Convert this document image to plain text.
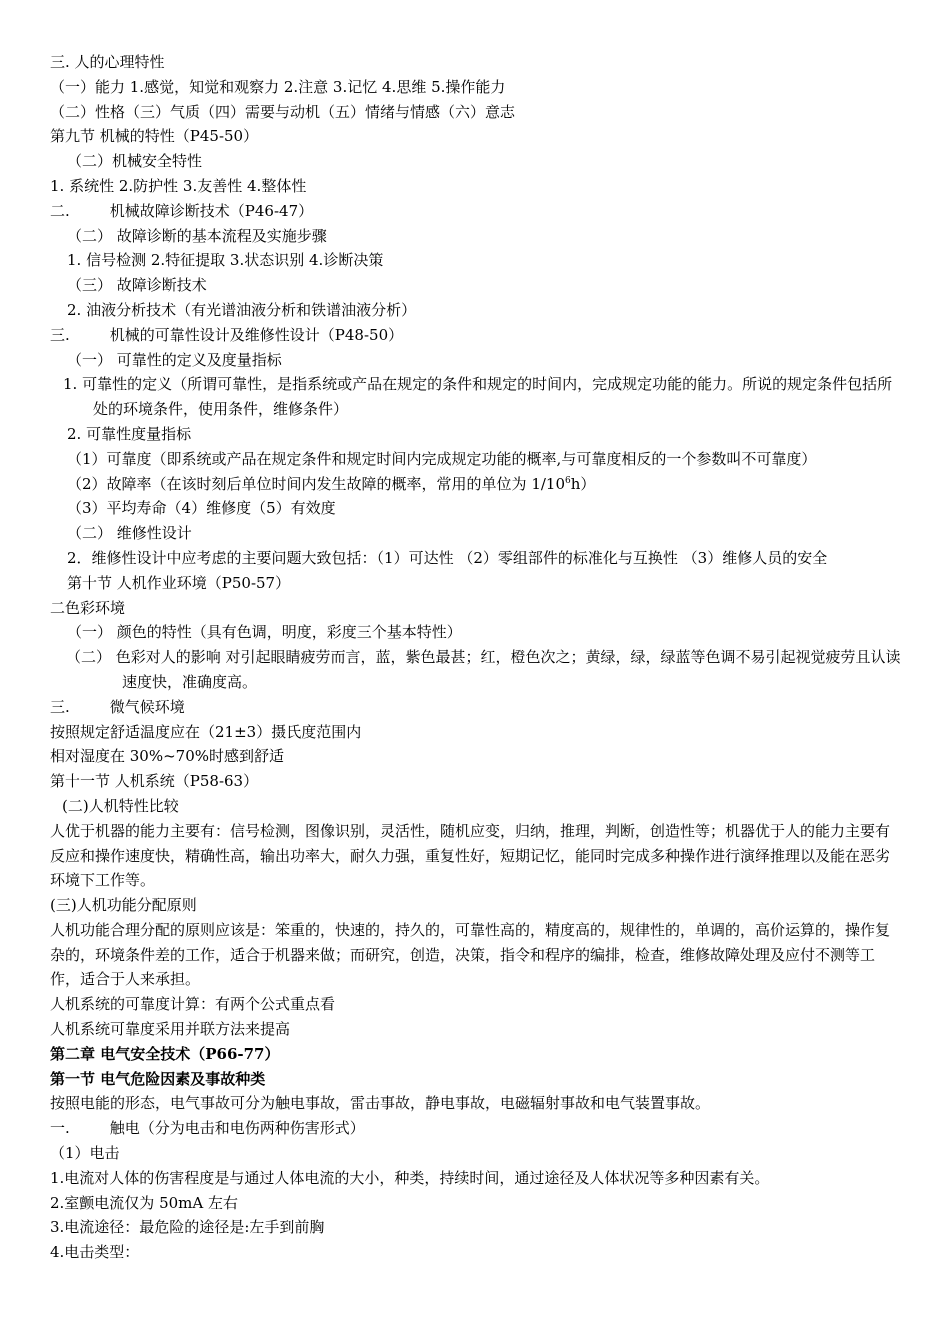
三. 人的心理特性
（一）能力 1.感觉，知觉和观察力 2.注意 3.记忆 4.思维 5.操作能力
（二）性格（三）气质（四）需要与动机（五）情绪与情感（六）意志
第九节 机械的特性（P45-50）
（二）机械安全特性
1. 系统性 2.防护性 3.友善性 4.整体性
二.	机械故障诊断技术（P46-47）
（二） 故障诊断的基本流程及实施步骤
1. 信号检测 2.特征提取 3.状态识别 4.诊断决策
（三） 故障诊断技术
2. 油液分析技术（有光谱油液分析和铁谱油液分析）
三.	机械的可靠性设计及维修性设计（P48-50）
（一） 可靠性的定义及度量指标
1. 可靠性的定义（所谓可靠性，是指系统或产品在规定的条件和规定的时间内，完成规定功能的能力。所说的规定条件包括所处的环境条件，使用条件，维修条件）
2. 可靠性度量指标
（1）可靠度（即系统或产品在规定条件和规定时间内完成规定功能的概率,与可靠度相反的一个参数叫不可靠度）
（2）故障率（在该时刻后单位时间内发生故障的概率，常用的单位为 $1/10^6h$）
（3）平均寿命（4）维修度（5）有效度
（二） 维修性设计
2．维修性设计中应考虑的主要问题大致包括：（1）可达性 （2）零组部件的标准化与互换性 （3）维修人员的安全
第十节 人机作业环境（P50-57）
二色彩环境
（一） 颜色的特性（具有色调，明度，彩度三个基本特性）
（二） 色彩对人的影响 对引起眼睛疲劳而言，蓝，紫色最甚；红，橙色次之；黄绿，绿，绿蓝等色调不易引起视觉疲劳且认读速度快，准确度高。
三.	微气候环境
按照规定舒适温度应在（21±3）摄氏度范围内
相对湿度在 30%~70%时感到舒适
第十一节 人机系统（P58-63）
(二)人机特性比较
人优于机器的能力主要有：信号检测，图像识别，灵活性，随机应变，归纳，推理，判断，创造性等；机器优于人的能力主要有反应和操作速度快，精确性高，输出功率大，耐久力强，重复性好，短期记忆，能同时完成多种操作进行演绎推理以及能在恶劣环境下工作等。
(三)人机功能分配原则
人机功能合理分配的原则应该是：笨重的，快速的，持久的，可靠性高的，精度高的，规律性的，单调的，高价运算的，操作复杂的，环境条件差的工作，适合于机器来做；而研究，创造，决策，指令和程序的编排，检查，维修故障处理及应付不测等工作，适合于人来承担。
人机系统的可靠度计算：有两个公式重点看
人机系统可靠度采用并联方法来提高
第二章 电气安全技术（P66-77）
第一节 电气危险因素及事故种类
按照电能的形态，电气事故可分为触电事故，雷击事故，静电事故，电磁辐射事故和电气装置事故。
一.	触电（分为电击和电伤两种伤害形式）
（1）电击
1.电流对人体的伤害程度是与通过人体电流的大小，种类，持续时间，通过途径及人体状况等多种因素有关。
2.室颤电流仅为 50mA 左右
3.电流途径：最危险的途径是:左手到前胸
4.电击类型：
